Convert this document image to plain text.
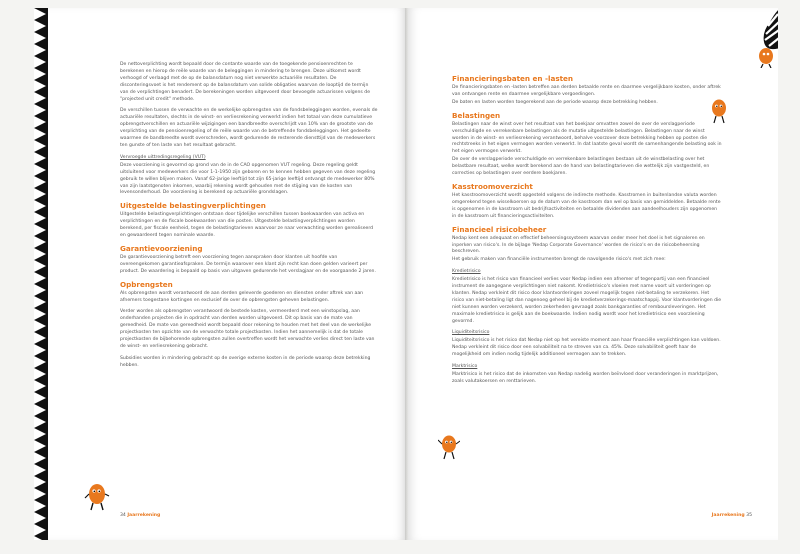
De nettoverplichting wordt bepaald door de contante waarde van de toegekende pensioenrechten te berekenen en hierop de reële waarde van de beleggingen in mindering te brengen. Deze uitkomst wordt verhoogd of verlaagd met de op de balansdatum nog niet verwerkte actuariële resultaten. De disconteringsvoet is het rendement op de balansdatum van solide obligaties waarvan de looptijd de termijn van de verplichtingen benadert. De berekeningen worden uitgevoerd door bevoegde actuarissen volgens de "projected unit credit" methode.

De verschillen tussen de verwachte en de werkelijke opbrengsten van de fondsbeleggingen worden, evenals de actuariële resultaten, slechts in de winst- en verliesrekening verwerkt indien het totaal van deze cumulatieve opbrengstverschillen en actuariële wijzigingen een bandbreedte overschrijdt van 10% van de grootste van de verplichting van de pensioenregeling of de reële waarde van de betreffende fondsbeleggingen. Het gedeelte waarmee de bandbreedte wordt overschreden, wordt gedurende de resterende diensttijd van de medewerkers ten gunste of ten laste van het resultaat gebracht.

Vervroegde uittredingsregeling (VUT)

Deze voorziening is gevormd op grond van de in de CAO opgenomen VUT regeling. Deze regeling geldt uitsluitend voor medewerkers die voor 1-1-1950 zijn geboren en te kennen hebben gegeven van deze regeling gebruik te willen blijven maken. Vanaf 62-jarige leeftijd tot zijn 65-jarige leeftijd ontvangt de medewerker 80% van zijn laatstgenoten inkomen, waarbij rekening wordt gehouden met de stijging van de kosten van levensonderhoud. De voorziening is berekend op actuariële grondslagen.

Uitgestelde belastingverplichtingen

Uitgestelde belastingverplichtingen ontstaan door tijdelijke verschillen tussen boekwaarden van activa en verplichtingen en de fiscale boekwaarden van die posten. Uitgestelde belastingverplichtingen worden berekend, per fiscale eenheid, tegen de belastingtarieven waarvoor ze naar verwachting worden gerealiseerd en gewaardeerd tegen nominale waarde.

Garantievoorziening

De garantievoorziening betreft een voorziening tegen aanspraken door klanten uit hoofde van overeengekomen garantieafspraken. De termijn waarover een klant zijn recht kan doen gelden varieert per product. De waardering is bepaald op basis van uitgaven gedurende het verslagjaar en de voorgaande 2 jaren.

Opbrengsten

Als opbrengsten wordt verantwoord de aan derden geleverde goederen en diensten onder aftrek van aan afnemers toegestane kortingen en exclusief de over de opbrengsten geheven belastingen.

Verder worden als opbrengsten verantwoord de bestede kosten, vermeerderd met een winstopslag, aan onderhanden projecten die in opdracht van derden worden uitgevoerd. Dit op basis van de mate van gereedheid. De mate van gereedheid wordt bepaald door rekening te houden met het deel van de werkelijke projectkosten ten opzichte van de verwachte totale projectkosten. Indien het aannemelijk is dat de totale projectkosten de bijbehorende opbrengsten zullen overtreffen wordt het verwachte verlies direct ten laste van de winst- en verliesrekening gebracht.

Subsidies worden in mindering gebracht op de overige externe kosten in de periode waarop deze betrekking hebben.

34 Jaarrekening
Financieringsbaten en -lasten

De financieringsbaten en -lasten betreffen aan derden betaalde rente en daarmee vergelijkbare kosten, onder aftrek van ontvangen rente en daarmee vergelijkbare vergoedingen.

De baten en lasten worden toegerekend aan de periode waarop deze betrekking hebben.

Belastingen

Belastingen naar de winst over het resultaat van het boekjaar omvatten zowel de over de verslagperiode verschuldigde en verrekenbare belastingen als de mutatie uitgestelde belastingen. Belastingen naar de winst worden in de winst- en verliesrekening verantwoord, behalve voorzover deze betrekking hebben op posten die rechtstreeks in het eigen vermogen worden verwerkt. In dat laatste geval wordt de samenhangende belasting ook in het eigen vermogen verwerkt.

De over de verslagperiode verschuldigde en verrekenbare belastingen bestaan uit de winstbelasting over het belastbare resultaat, welke wordt berekend aan de hand van belastingtarieven die wettelijk zijn vastgesteld, en correcties op belastingen over eerdere boekjaren.

Kasstroomoverzicht

Het kasstroomoverzicht wordt opgesteld volgens de indirecte methode. Kasstromen in buitenlandse valuta worden omgerekend tegen wisselkoersen op de datum van de kasstroom dan wel op basis van gemiddelden. Betaalde rente is opgenomen in de kasstroom uit bedrijfsactiviteiten en betaalde dividenden aan aandeelhouders zijn opgenomen in de kasstroom uit financieringsactiviteiten.

Financieel risicobeheer

Nedap kent een adequaat en effectief beheersingssysteem waarvan onder meer het doel is het signaleren en inperken van risico's. In de bijlage 'Nedap Corporate Governance' worden de risico's en de risicobeheersing beschreven.

Het gebruik maken van financiële instrumenten brengt de navolgende risico's met zich mee:

Kredietrisico

Kredietrisico is het risico van financieel verlies voor Nedap indien een afnemer of tegenpartij van een financieel instrument de aangegane verplichtingen niet nakomt. Kredietrisico's vloeien met name voort uit vorderingen op klanten. Nedap verkleint dit risico door klantvorderingen zoveel mogelijk tegen niet-betaling te verzekeren. Het risico van niet-betaling ligt dan nagenoeg geheel bij de kredietverzekerings-maatschappij. Voor klantvorderingen die niet kunnen worden verzekerd, worden zekerheden gevraagd zoals bankgaranties of remboursleveringen. Het maximale kredietrisico is gelijk aan de boekwaarde. Indien nodig wordt voor het kredietrisico een voorziening gevormd.

Liquiditeitsrisico

Liquiditeitsrisico is het risico dat Nedap niet op het vereiste moment aan haar financiële verplichtingen kan voldoen. Nedap verkleint dit risico door een solvabiliteit na te streven van ca. 45%. Deze solvabiliteit geeft haar de mogelijkheid om indien nodig tijdelijk additioneel vermogen aan te trekken.

Marktrisico

Marktrisico is het risico dat de inkomsten van Nedap nadelig worden beïnvloed door veranderingen in marktprijzen, zoals valutakoersen en renttarieven.

Jaarrekening 35
